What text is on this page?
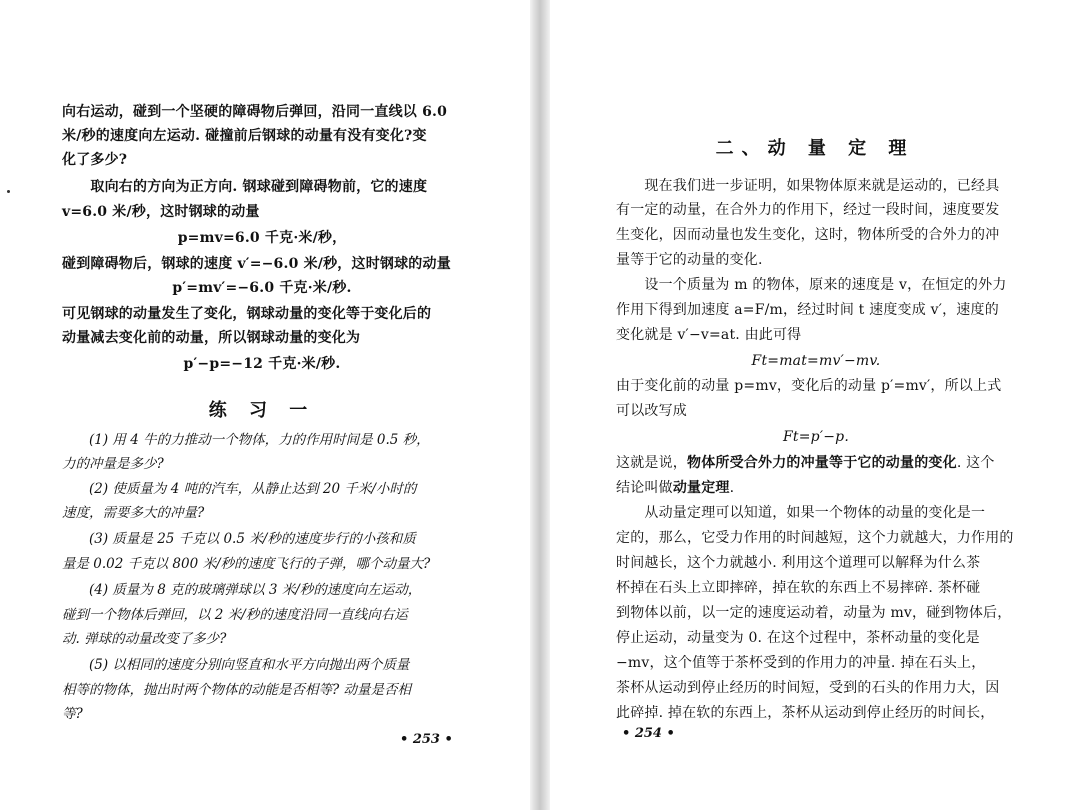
向右运动，碰到一个坚硬的障碍物后弹回，沿同一直线以 6.0

米/秒的速度向左运动. 碰撞前后钢球的动量有没有变化?变

化了多少?

　　取向右的方向为正方向. 钢球碰到障碍物前，它的速度

v=6.0 米/秒，这时钢球的动量

p=mv=6.0 千克·米/秒，

碰到障碍物后，钢球的速度 v′=−6.0 米/秒，这时钢球的动量

p′=mv′=−6.0 千克·米/秒.

可见钢球的动量发生了变化，钢球动量的变化等于变化后的

动量减去变化前的动量，所以钢球动量的变化为

p′−p=−12 千克·米/秒.

练 习 一

　　(1) 用 4 牛的力推动一个物体，力的作用时间是 0.5 秒，

力的冲量是多少?

　　(2) 使质量为 4 吨的汽车，从静止达到 20 千米/小时的

速度，需要多大的冲量?

　　(3) 质量是 25 千克以 0.5 米/秒的速度步行的小孩和质

量是 0.02 千克以 800 米/秒的速度飞行的子弹，哪个动量大?

　　(4) 质量为 8 克的玻璃弹球以 3 米/秒的速度向左运动，

碰到一个物体后弹回，以 2 米/秒的速度沿同一直线向右运

动. 弹球的动量改变了多少?

　　(5) 以相同的速度分别向竖直和水平方向抛出两个质量

相等的物体，抛出时两个物体的动能是否相等? 动量是否相

等?

• 253 •
二、动 量 定 理

　　现在我们进一步证明，如果物体原来就是运动的，已经具

有一定的动量，在合外力的作用下，经过一段时间，速度要发

生变化，因而动量也发生变化，这时，物体所受的合外力的冲

量等于它的动量的变化.

　　设一个质量为 m 的物体，原来的速度是 v，在恒定的外力

作用下得到加速度 a=F/m，经过时间 t 速度变成 v′，速度的

变化就是 v′−v=at. 由此可得

Ft=mat=mv′−mv.

由于变化前的动量 p=mv，变化后的动量 p′=mv′，所以上式

可以改写成

Ft=p′−p.

这就是说，物体所受合外力的冲量等于它的动量的变化. 这个

结论叫做动量定理.

　　从动量定理可以知道，如果一个物体的动量的变化是一

定的，那么，它受力作用的时间越短，这个力就越大，力作用的

时间越长，这个力就越小. 利用这个道理可以解释为什么茶

杯掉在石头上立即摔碎，掉在软的东西上不易摔碎. 茶杯碰

到物体以前，以一定的速度运动着，动量为 mv，碰到物体后，

停止运动，动量变为 0. 在这个过程中，茶杯动量的变化是

−mv，这个值等于茶杯受到的作用力的冲量. 掉在石头上，

茶杯从运动到停止经历的时间短，受到的石头的作用力大，因

此碎掉. 掉在软的东西上，茶杯从运动到停止经历的时间长，

• 254 •
